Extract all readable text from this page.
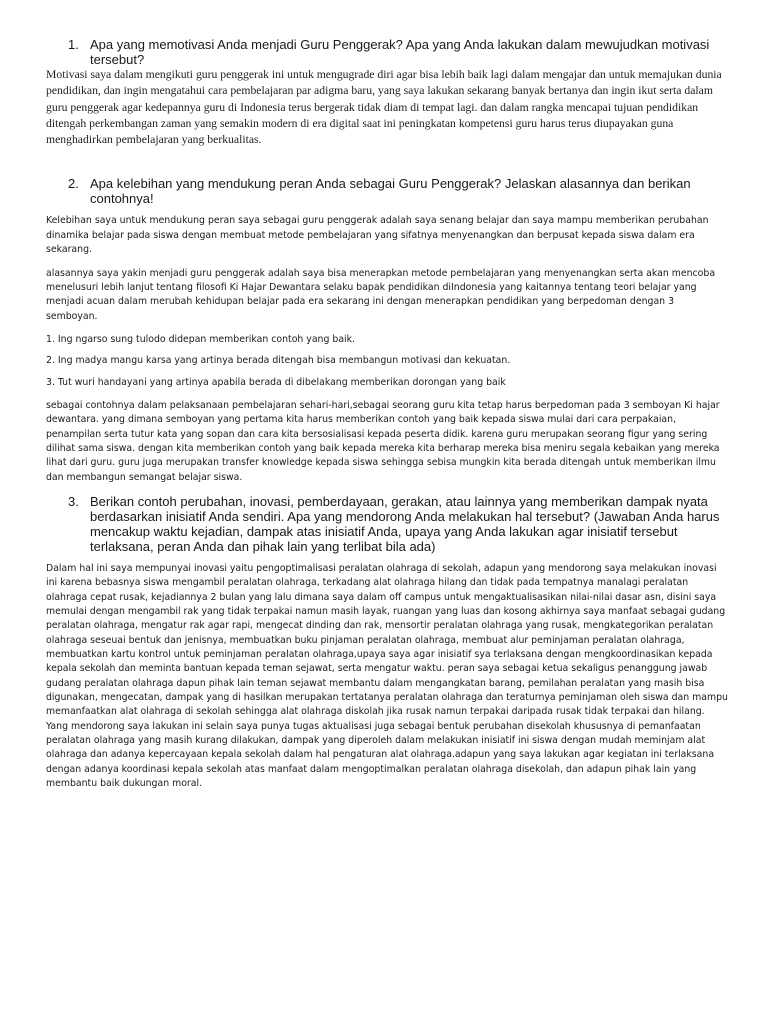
1. Apa yang memotivasi Anda menjadi Guru Penggerak? Apa yang Anda lakukan dalam mewujudkan motivasi tersebut?

Motivasi saya dalam mengikuti guru penggerak ini untuk mengugrade diri agar bisa lebih baik lagi dalam mengajar dan untuk memajukan dunia pendidikan, dan ingin mengatahui cara pembelajaran par adigma baru, yang saya lakukan sekarang banyak bertanya dan ingin ikut serta dalam guru penggerak agar kedepannya guru di Indonesia terus bergerak tidak diam di tempat lagi. dan dalam rangka mencapai tujuan pendidikan ditengah perkembangan zaman yang semakin modern di era digital saat ini peningkatan kompetensi guru harus terus diupayakan guna menghadirkan pembelajaran yang berkualitas.

2. Apa kelebihan yang mendukung peran Anda sebagai Guru Penggerak? Jelaskan alasannya dan berikan contohnya!

Kelebihan saya untuk mendukung peran saya sebagai guru penggerak adalah saya senang belajar dan saya mampu memberikan perubahan dinamika belajar pada siswa dengan membuat metode pembelajaran yang sifatnya menyenangkan dan berpusat kepada siswa dalam era sekarang.

alasannya saya yakin menjadi guru penggerak adalah saya bisa menerapkan metode pembelajaran yang menyenangkan serta akan mencoba menelusuri lebih lanjut tentang filosofi Ki Hajar Dewantara selaku bapak pendidikan diIndonesia yang kaitannya tentang teori belajar yang menjadi acuan dalam merubah kehidupan belajar pada era sekarang ini dengan menerapkan pendidikan yang berpedoman dengan 3 semboyan.

1. Ing ngarso sung tulodo didepan memberikan contoh yang baik.

2. Ing madya mangu karsa yang artinya berada ditengah bisa membangun motivasi dan kekuatan.

3. Tut wuri handayani yang artinya apabila berada di dibelakang memberikan dorongan yang baik

sebagai contohnya dalam pelaksanaan pembelajaran sehari-hari,sebagai seorang guru kita tetap harus berpedoman pada 3 semboyan Ki hajar dewantara. yang dimana semboyan yang pertama kita harus memberikan contoh yang baik kepada siswa mulai dari cara perpakaian, penampilan serta tutur kata yang sopan dan cara kita bersosialisasi kepada peserta didik. karena guru merupakan seorang figur yang sering dilihat sama siswa. dengan kita memberikan contoh yang baik kepada mereka kita berharap mereka bisa meniru segala kebaikan yang mereka lihat dari guru. guru juga merupakan transfer knowledge kepada siswa sehingga sebisa mungkin kita berada ditengah untuk memberikan ilmu dan membangun semangat belajar siswa.

3. Berikan contoh perubahan, inovasi, pemberdayaan, gerakan, atau lainnya yang memberikan dampak nyata berdasarkan inisiatif Anda sendiri. Apa yang mendorong Anda melakukan hal tersebut? (Jawaban Anda harus mencakup waktu kejadian, dampak atas inisiatif Anda, upaya yang Anda lakukan agar inisiatif tersebut terlaksana, peran Anda dan pihak lain yang terlibat bila ada)

Dalam hal ini saya mempunyai inovasi yaitu pengoptimalisasi peralatan olahraga di sekolah, adapun yang mendorong saya melakukan inovasi ini karena bebasnya siswa mengambil peralatan olahraga, terkadang alat olahraga hilang dan tidak pada tempatnya manalagi peralatan olahraga cepat rusak, kejadiannya 2 bulan yang lalu dimana saya dalam off campus untuk mengaktualisasikan nilai-nilai dasar asn, disini saya memulai dengan mengambil rak yang tidak terpakai namun masih layak, ruangan yang luas dan kosong akhirnya saya manfaat sebagai gudang peralatan olahraga, mengatur rak agar rapi, mengecat dinding dan rak, mensortir peralatan olahraga yang rusak, mengkategorikan peralatan olahraga seseuai bentuk dan jenisnya, membuatkan buku pinjaman peralatan olahraga, membuat alur peminjaman peralatan olahraga, membuatkan kartu kontrol untuk peminjaman peralatan olahraga,upaya saya agar inisiatif sya terlaksana dengan mengkoordinasikan kepada kepala sekolah dan meminta bantuan kepada teman sejawat, serta mengatur waktu. peran saya sebagai ketua sekaligus penanggung jawab gudang peralatan olahraga dapun pihak lain teman sejawat membantu dalam mengangkatan barang, pemilahan peralatan yang masih bisa digunakan, mengecatan, dampak yang di hasilkan merupakan tertatanya peralatan olahraga dan teraturnya peminjaman oleh siswa dan mampu memanfaatkan alat olahraga di sekolah sehingga alat olahraga diskolah jika rusak namun terpakai daripada rusak tidak terpakai dan hilang. Yang mendorong saya lakukan ini selain saya punya tugas aktualisasi juga sebagai bentuk perubahan disekolah khususnya di pemanfaatan peralatan olahraga yang masih kurang dilakukan, dampak yang diperoleh dalam melakukan inisiatif ini siswa dengan mudah meminjam alat olahraga dan adanya kepercayaan kepala sekolah dalam hal pengaturan alat olahraga.adapun yang saya lakukan agar kegiatan ini terlaksana dengan adanya koordinasi kepala sekolah atas manfaat dalam mengoptimalkan peralatan olahraga disekolah, dan adapun pihak lain yang membantu baik dukungan moral.
